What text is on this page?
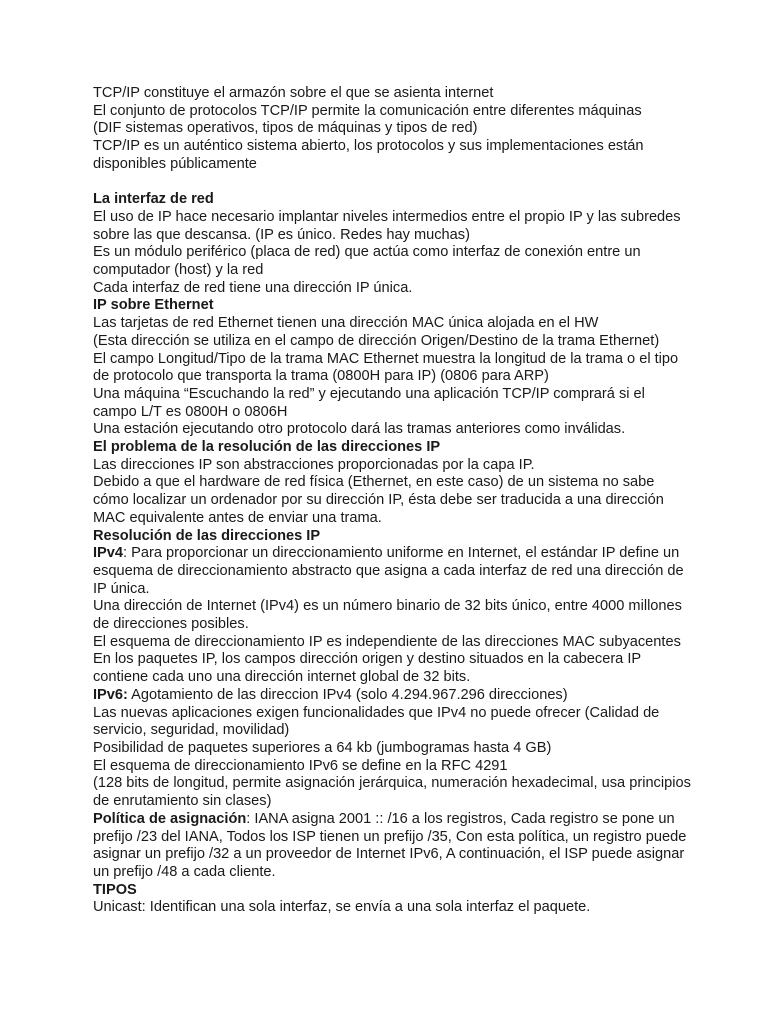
TCP/IP constituye el armazón sobre el que se asienta internet
El conjunto de protocolos TCP/IP permite la comunicación entre diferentes máquinas
(DIF sistemas operativos, tipos de máquinas y tipos de red)
TCP/IP es un auténtico sistema abierto, los protocolos y sus implementaciones están
disponibles públicamente
La interfaz de red
El uso de IP hace necesario implantar niveles intermedios entre el propio IP y las subredes
sobre las que descansa. (IP es único. Redes hay muchas)
Es un módulo periférico (placa de red) que actúa como interfaz de conexión entre un
computador (host) y la red
Cada interfaz de red tiene una dirección IP única.
IP sobre Ethernet
Las tarjetas de red Ethernet tienen una dirección MAC única alojada en el HW
(Esta dirección se utiliza en el campo de dirección Origen/Destino de la trama Ethernet)
El campo Longitud/Tipo de la trama MAC Ethernet muestra la longitud de la trama o el tipo
de protocolo que transporta la trama (0800H para IP) (0806 para ARP)
Una máquina “Escuchando la red” y ejecutando una aplicación TCP/IP comprará si el
campo L/T es 0800H o 0806H
Una estación ejecutando otro protocolo dará las tramas anteriores como inválidas.
El problema de la resolución de las direcciones IP
Las direcciones IP son abstracciones proporcionadas por la capa IP.
Debido a que el hardware de red física (Ethernet, en este caso) de un sistema no sabe
cómo localizar un ordenador por su dirección IP, ésta debe ser traducida a una dirección
MAC equivalente antes de enviar una trama.
Resolución de las direcciones IP
IPv4: Para proporcionar un direccionamiento uniforme en Internet, el estándar IP define un
esquema de direccionamiento abstracto que asigna a cada interfaz de red una dirección de
IP única.
Una dirección de Internet (IPv4) es un número binario de 32 bits único, entre 4000 millones
de direcciones posibles.
El esquema de direccionamiento IP es independiente de las direcciones MAC subyacentes
En los paquetes IP, los campos dirección origen y destino situados en la cabecera IP
contiene cada uno una dirección internet global de 32 bits.
IPv6: Agotamiento de las direccion IPv4 (solo 4.294.967.296 direcciones)
Las nuevas aplicaciones exigen funcionalidades que IPv4 no puede ofrecer (Calidad de
servicio, seguridad, movilidad)
Posibilidad de paquetes superiores a 64 kb (jumbogramas hasta 4 GB)
El esquema de direccionamiento IPv6 se define en la RFC 4291
(128 bits de longitud, permite asignación jerárquica, numeración hexadecimal, usa principios
de enrutamiento sin clases)
Política de asignación: IANA asigna 2001 :: /16 a los registros, Cada registro se pone un
prefijo /23 del IANA, Todos los ISP tienen un prefijo /35, Con esta política, un registro puede
asignar un prefijo /32 a un proveedor de Internet IPv6, A continuación, el ISP puede asignar
un prefijo /48 a cada cliente.
TIPOS
Unicast: Identifican una sola interfaz, se envía a una sola interfaz el paquete.
